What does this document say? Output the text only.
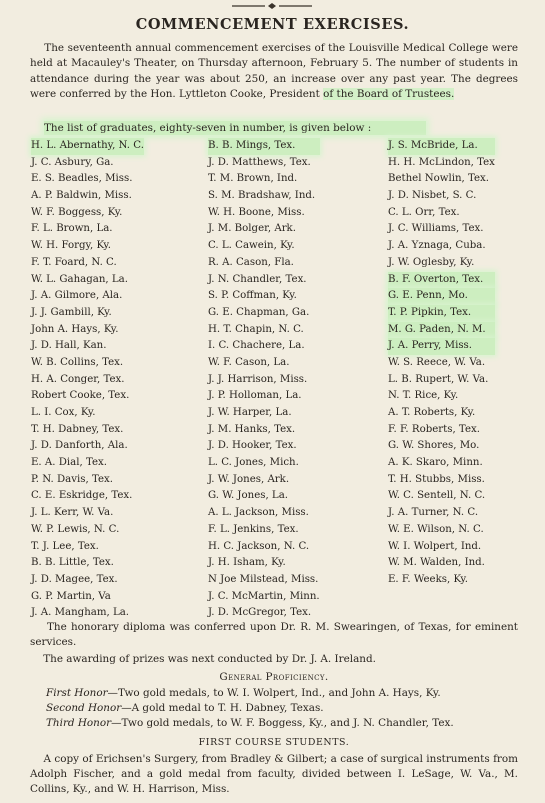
COMMENCEMENT EXERCISES.
The seventeenth annual commencement exercises of the Louisville Medical College were held at Macauley's Theater, on Thursday afternoon, February 5. The number of students in attendance during the year was about 250, an increase over any past year. The degrees were conferred by the Hon. Lyttleton Cooke, President of the Board of Trustees.
The list of graduates, eighty-seven in number, is given below :
H. L. Abernathy, N. C.
J. C. Asbury, Ga.
E. S. Beadles, Miss.
A. P. Baldwin, Miss.
W. F. Boggess, Ky.
F. L. Brown, La.
W. H. Forgy, Ky.
F. T. Foard, N. C.
W. L. Gahagan, La.
J. A. Gilmore, Ala.
J. J. Gambill, Ky.
John A. Hays, Ky.
J. D. Hall, Kan.
W. B. Collins, Tex.
H. A. Conger, Tex.
Robert Cooke, Tex.
L. I. Cox, Ky.
T. H. Dabney, Tex.
J. D. Danforth, Ala.
E. A. Dial, Tex.
P. N. Davis, Tex.
C. E. Eskridge, Tex.
J. L. Kerr, W. Va.
W. P. Lewis, N. C.
T. J. Lee, Tex.
B. B. Little, Tex.
J. D. Magee, Tex.
G. P. Martin, Va
J. A. Mangham, La.
B. B. Mings, Tex.
J. D. Matthews, Tex.
T. M. Brown, Ind.
S. M. Bradshaw, Ind.
W. H. Boone, Miss.
J. M. Bolger, Ark.
C. L. Cawein, Ky.
R. A. Cason, Fla.
J. N. Chandler, Tex.
S. P. Coffman, Ky.
G. E. Chapman, Ga.
H. T. Chapin, N. C.
I. C. Chachere, La.
W. F. Cason, La.
J. J. Harrison, Miss.
J. P. Holloman, La.
J. W. Harper, La.
J. M. Hanks, Tex.
J. D. Hooker, Tex.
L. C. Jones, Mich.
J. W. Jones, Ark.
G. W. Jones, La.
A. L. Jackson, Miss.
F. L. Jenkins, Tex.
H. C. Jackson, N. C.
J. H. Isham, Ky.
N Joe Milstead, Miss.
J. C. McMartin, Minn.
J. D. McGregor, Tex.
J. S. McBride, La.
H. H. McLindon, Tex
Bethel Nowlin, Tex.
J. D. Nisbet, S. C.
C. L. Orr, Tex.
J. C. Williams, Tex.
J. A. Yznaga, Cuba.
J. W. Oglesby, Ky.
B. F. Overton, Tex.
G. E. Penn, Mo.
T. P. Pipkin, Tex.
M. G. Paden, N. M.
J. A. Perry, Miss.
W. S. Reece, W. Va.
L. B. Rupert, W. Va.
N. T. Rice, Ky.
A. T. Roberts, Ky.
F. F. Roberts, Tex.
G. W. Shores, Mo.
A. K. Skaro, Minn.
T. H. Stubbs, Miss.
W. C. Sentell, N. C.
J. A. Turner, N. C.
W. E. Wilson, N. C.
W. I. Wolpert, Ind.
W. M. Walden, Ind.
E. F. Weeks, Ky.
The honorary diploma was conferred upon Dr. R. M. Swearingen, of Texas, for eminent services.
The awarding of prizes was next conducted by Dr. J. A. Ireland.
General Proficiency.
First Honor—Two gold medals, to W. I. Wolpert, Ind., and John A. Hays, Ky.
Second Honor—A gold medal to T. H. Dabney, Texas.
Third Honor—Two gold medals, to W. F. Boggess, Ky., and J. N. Chandler, Tex.
FIRST COURSE STUDENTS.
A copy of Erichsen's Surgery, from Bradley & Gilbert; a case of surgical instruments from Adolph Fischer, and a gold medal from faculty, divided between I. LeSage, W. Va., M. Collins, Ky., and W. H. Harrison, Miss.
